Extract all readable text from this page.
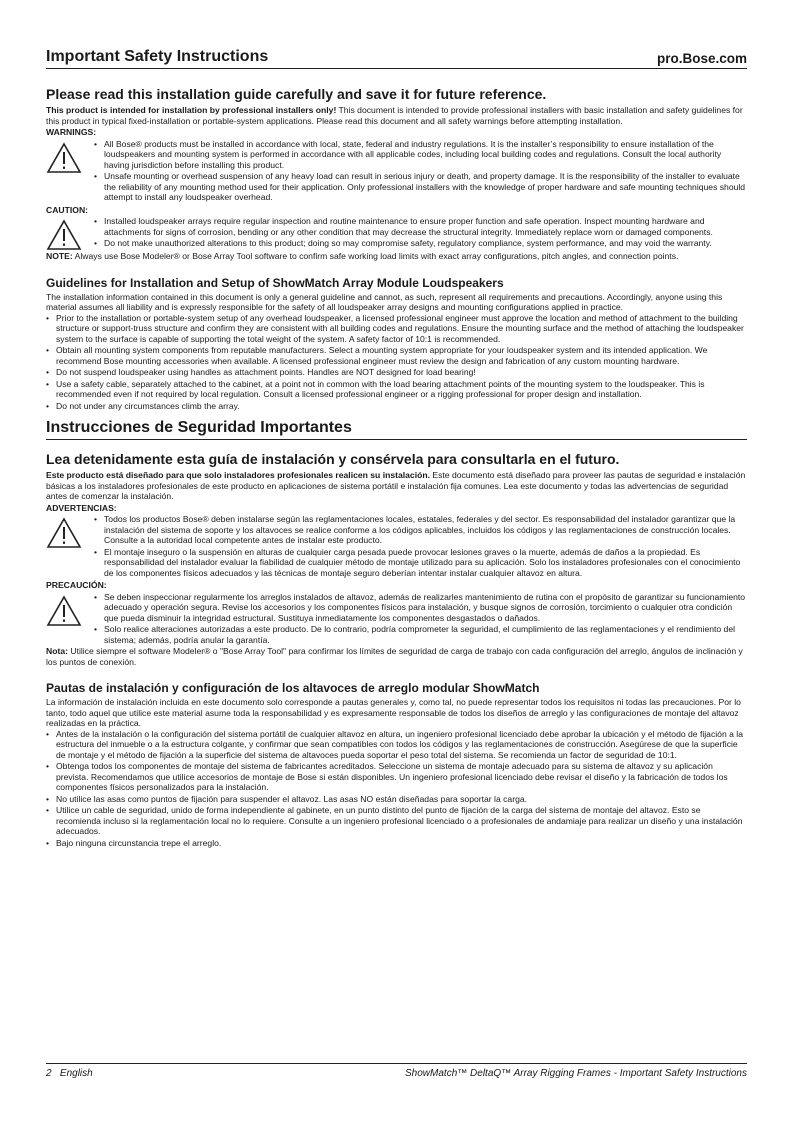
Important Safety Instructions	pro.Bose.com
Please read this installation guide carefully and save it for future reference.

This product is intended for installation by professional installers only! This document is intended to provide professional installers with basic installation and safety guidelines for this product in typical fixed-installation or portable-system applications. Please read this document and all safety warnings before attempting installation.

WARNINGS:
• All Bose® products must be installed in accordance with local, state, federal and industry regulations. It is the installer’s responsibility to ensure installation of the loudspeakers and mounting system is performed in accordance with all applicable codes, including local building codes and regulations. Consult the local authority having jurisdiction before installing this product.
• Unsafe mounting or overhead suspension of any heavy load can result in serious injury or death, and property damage. It is the responsibility of the installer to evaluate the reliability of any mounting method used for their application. Only professional installers with the knowledge of proper hardware and safe mounting techniques should attempt to install any loudspeaker overhead.
CAUTION:
• Installed loudspeaker arrays require regular inspection and routine maintenance to ensure proper function and safe operation. Inspect mounting hardware and attachments for signs of corrosion, bending or any other condition that may decrease the structural integrity. Immediately replace worn or damaged components.
• Do not make unauthorized alterations to this product; doing so may compromise safety, regulatory compliance, system performance, and may void the warranty.

NOTE: Always use Bose Modeler® or Bose Array Tool software to confirm safe working load limits with exact array configurations, pitch angles, and connection points.

Guidelines for Installation and Setup of ShowMatch Array Module Loudspeakers

The installation information contained in this document is only a general guideline and cannot, as such, represent all requirements and precautions. Accordingly, anyone using this material assumes all liability and is expressly responsible for the safety of all loudspeaker array designs and mounting configurations applied in practice.

• Prior to the installation or portable-system setup of any overhead loudspeaker, a licensed professional engineer must approve the location and method of attachment to the building structure or support-truss structure and confirm they are consistent with all building codes and regulations. Ensure the mounting surface and the method of attaching the loudspeaker system to the surface is capable of supporting the total weight of the system. A safety factor of 10:1 is recommended.
• Obtain all mounting system components from reputable manufacturers. Select a mounting system appropriate for your loudspeaker system and its intended application. We recommend Bose mounting accessories when available. A licensed professional engineer must review the design and fabrication of any custom mounting hardware.
• Do not suspend loudspeaker using handles as attachment points. Handles are NOT designed for load bearing!
• Use a safety cable, separately attached to the cabinet, at a point not in common with the load bearing attachment points of the mounting system to the loudspeaker. This is recommended even if not required by local regulation. Consult a licensed professional engineer or a rigging professional for proper design and installation.
• Do not under any circumstances climb the array.
Instrucciones de Seguridad Importantes
Lea detenidamente esta guía de instalación y consérvela para consultarla en el futuro.

Este producto está diseñado para que solo instaladores profesionales realicen su instalación. Este documento está diseñado para proveer las pautas de seguridad e instalación básicas a los instaladores profesionales de este producto en aplicaciones de sistema portátil e instalación fija comunes. Lea este documento y todas las advertencias de seguridad antes de comenzar la instalación.

ADVERTENCIAS:
• Todos los productos Bose® deben instalarse según las reglamentaciones locales, estatales, federales y del sector. Es responsabilidad del instalador garantizar que la instalación del sistema de soporte y los altavoces se realice conforme a los códigos aplicables, incluidos los códigos y las reglamentaciones de construcción locales. Consulte a la autoridad local competente antes de instalar este producto.
• El montaje inseguro o la suspensión en alturas de cualquier carga pesada puede provocar lesiones graves o la muerte, además de daños a la propiedad. Es responsabilidad del instalador evaluar la fiabilidad de cualquier método de montaje utilizado para su aplicación. Solo los instaladores profesionales con el conocimiento de los componentes físicos adecuados y las técnicas de montaje seguro deberían intentar instalar cualquier altavoz en altura.
PRECAUCIÓN:
• Se deben inspeccionar regularmente los arreglos instalados de altavoz, además de realizarles mantenimiento de rutina con el propósito de garantizar su funcionamiento adecuado y operación segura. Revise los accesorios y los componentes físicos para instalación, y busque signos de corrosión, torcimiento o cualquier otra condición que pueda disminuir la integridad estructural. Sustituya inmediatamente los componentes desgastados o dañados.
• Solo realice alteraciones autorizadas a este producto. De lo contrario, podría comprometer la seguridad, el cumplimiento de las reglamentaciones y el rendimiento del sistema; además, podría anular la garantía.

Nota: Utilice siempre el software Modeler® o "Bose Array Tool" para confirmar los límites de seguridad de carga de trabajo con cada configuración del arreglo, ángulos de inclinación y los puntos de conexión.

Pautas de instalación y configuración de los altavoces de arreglo modular ShowMatch

La información de instalación incluida en este documento solo corresponde a pautas generales y, como tal, no puede representar todos los requisitos ni todas las precauciones. Por lo tanto, todo aquel que utilice este material asume toda la responsabilidad y es expresamente responsable de todos los diseños de arreglo y las configuraciones de montaje del altavoz realizadas en la práctica.

• Antes de la instalación o la configuración del sistema portátil de cualquier altavoz en altura, un ingeniero profesional licenciado debe aprobar la ubicación y el método de fijación a la estructura del inmueble o a la estructura colgante, y confirmar que sean compatibles con todos los códigos y las reglamentaciones de construcción. Asegúrese de que la superficie de montaje y el método de fijación a la superficie del sistema de altavoces pueda soportar el peso total del sistema. Se recomienda un factor de seguridad de 10:1.
• Obtenga todos los componentes de montaje del sistema de fabricantes acreditados. Seleccione un sistema de montaje adecuado para su sistema de altavoz y su aplicación prevista. Recomendamos que utilice accesorios de montaje de Bose si están disponibles. Un ingeniero profesional licenciado debe revisar el diseño y la fabricación de todos los componentes físicos personalizados para la instalación.
• No utilice las asas como puntos de fijación para suspender el altavoz. Las asas NO están diseñadas para soportar la carga.
• Utilice un cable de seguridad, unido de forma independiente al gabinete, en un punto distinto del punto de fijación de la carga del sistema de montaje del altavoz. Esto se recomienda incluso si la reglamentación local no lo requiere. Consulte a un ingeniero profesional licenciado o a profesionales de andamiaje para realizar un diseño y una instalación adecuados.
• Bajo ninguna circunstancia trepe el arreglo.
2   English	ShowMatch™ DeltaQ™ Array Rigging Frames - Important Safety Instructions
